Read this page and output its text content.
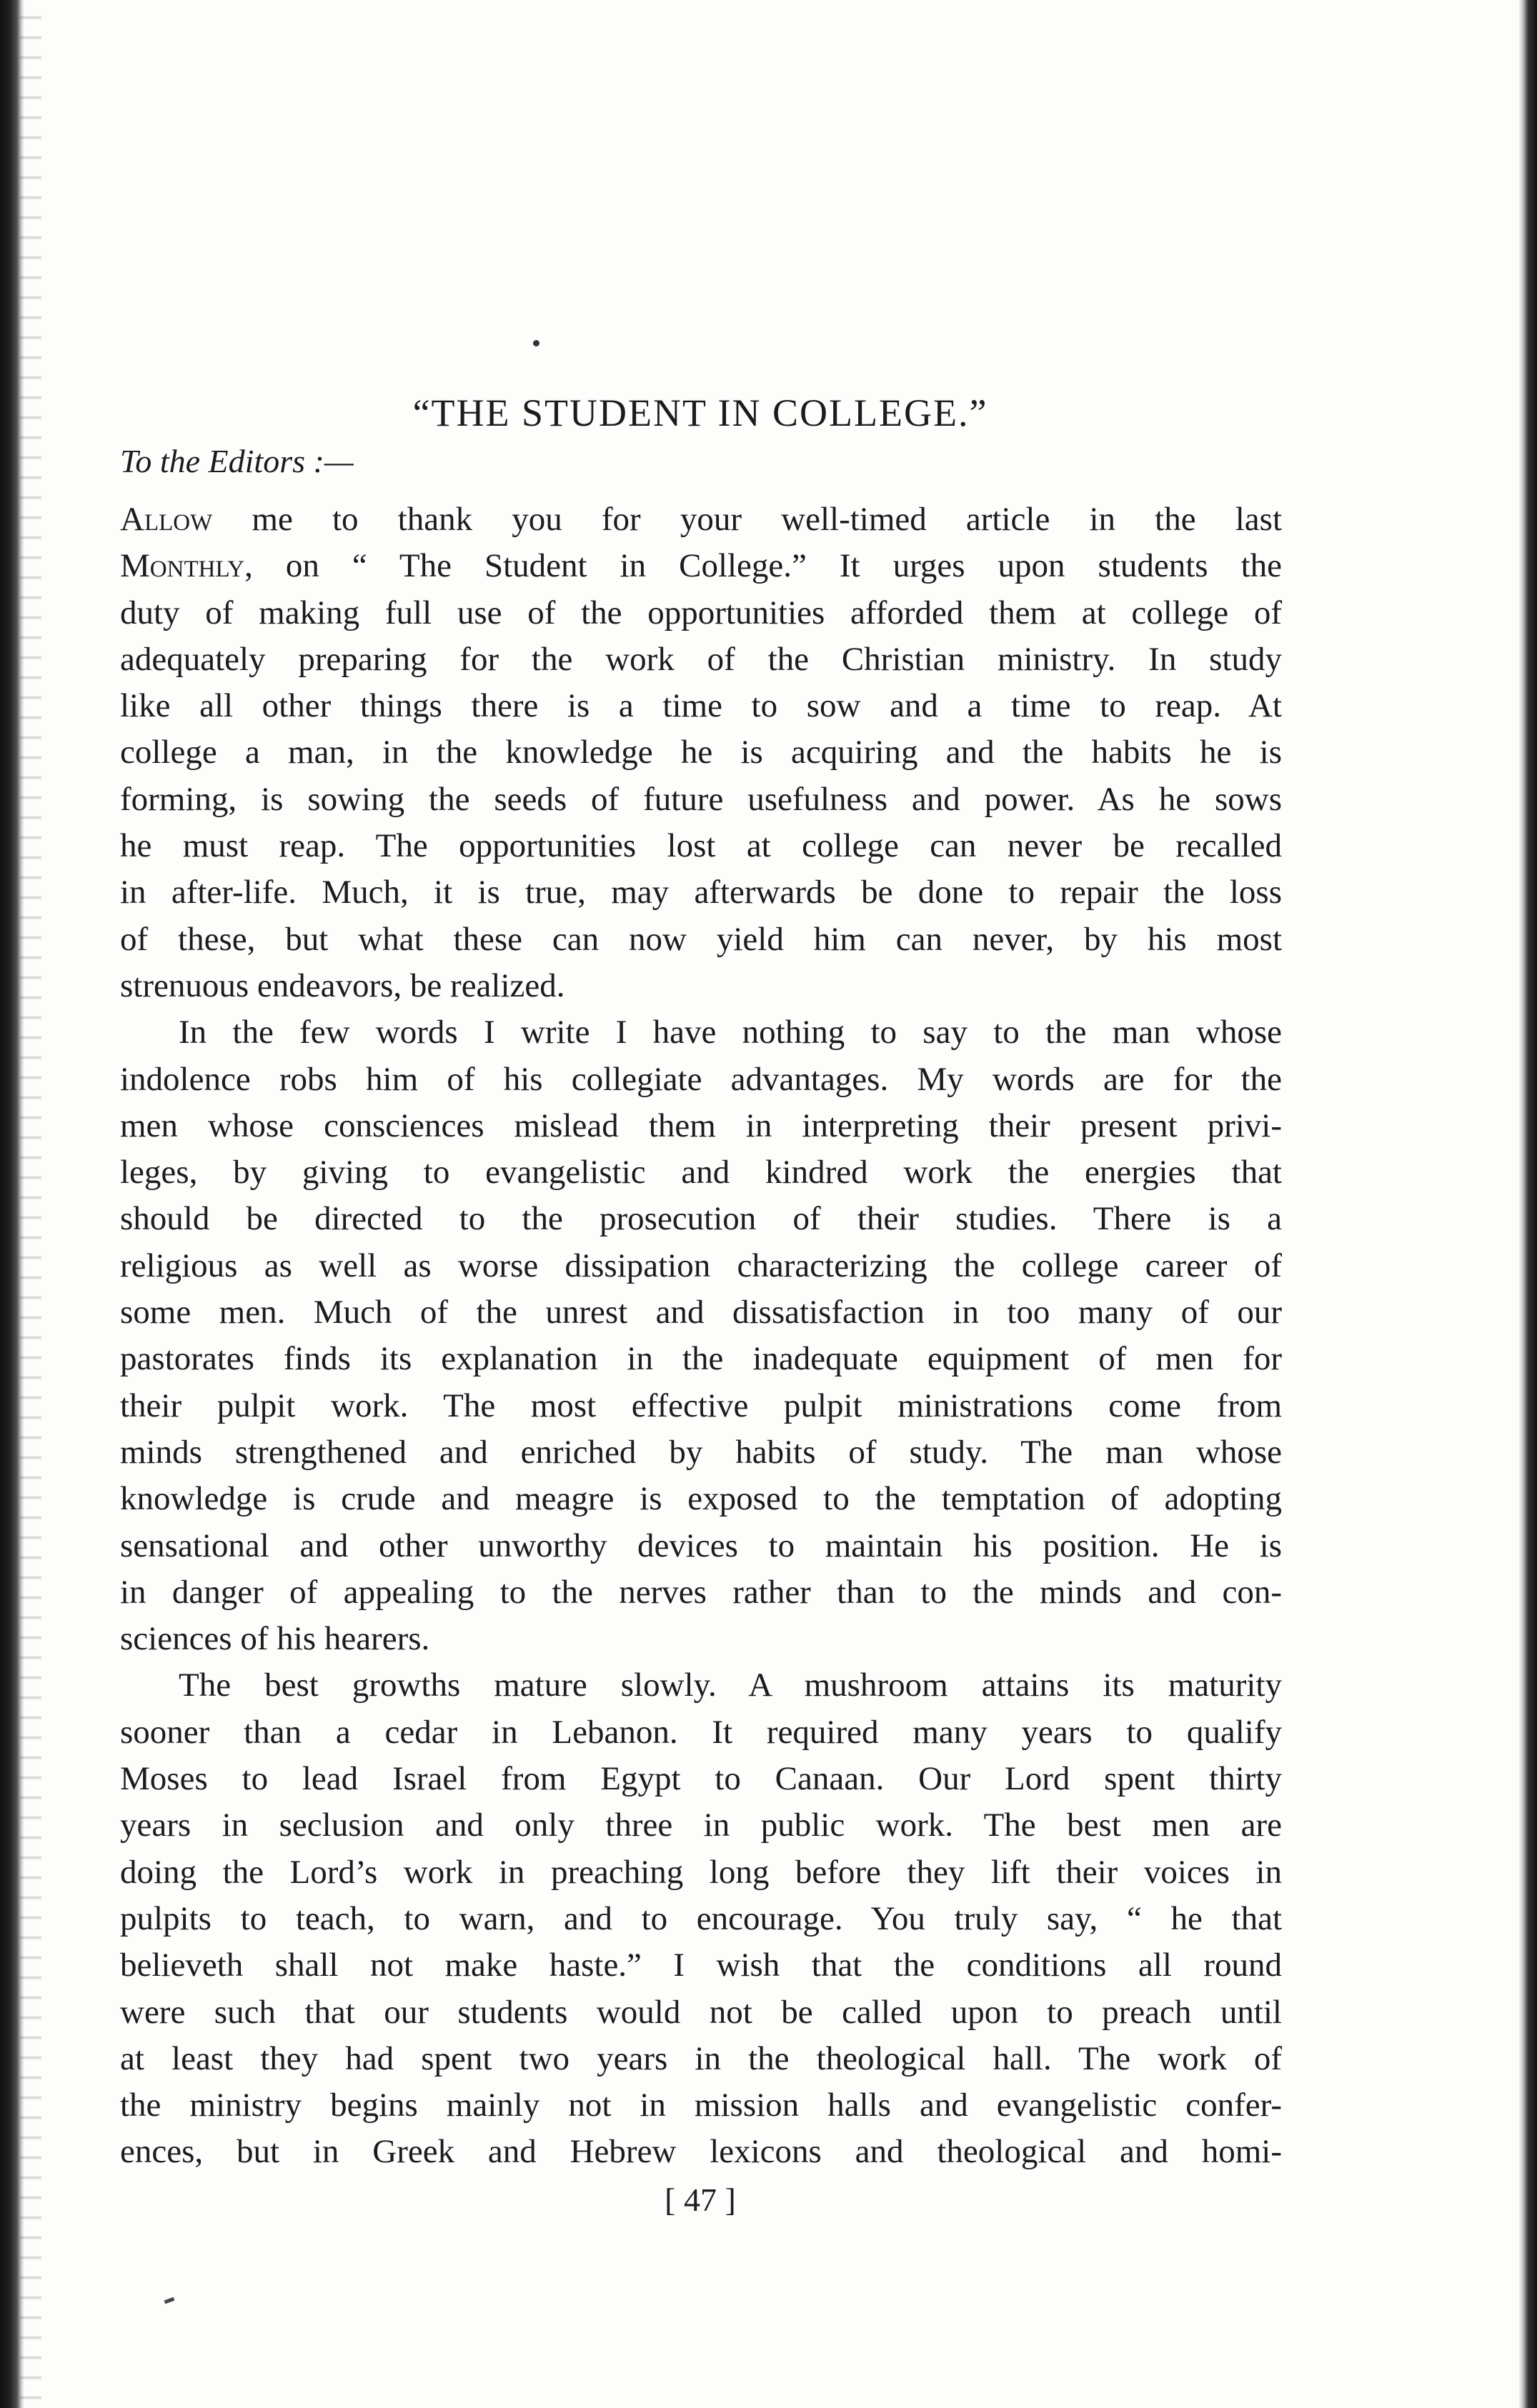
“THE STUDENT IN COLLEGE.”
To the Editors :—

Allow me to thank you for your well-timed article in the last
Monthly, on “ The Student in College.” It urges upon students the
duty of making full use of the opportunities afforded them at college of
adequately preparing for the work of the Christian ministry. In study
like all other things there is a time to sow and a time to reap. At
college a man, in the knowledge he is acquiring and the habits he is
forming, is sowing the seeds of future usefulness and power. As he sows
he must reap. The opportunities lost at college can never be recalled
in after-life. Much, it is true, may afterwards be done to repair the loss
of these, but what these can now yield him can never, by his most
strenuous endeavors, be realized.

In the few words I write I have nothing to say to the man whose
indolence robs him of his collegiate advantages. My words are for the
men whose consciences mislead them in interpreting their present privi-
leges, by giving to evangelistic and kindred work the energies that
should be directed to the prosecution of their studies. There is a
religious as well as worse dissipation characterizing the college career of
some men. Much of the unrest and dissatisfaction in too many of our
pastorates finds its explanation in the inadequate equipment of men for
their pulpit work. The most effective pulpit ministrations come from
minds strengthened and enriched by habits of study. The man whose
knowledge is crude and meagre is exposed to the temptation of adopting
sensational and other unworthy devices to maintain his position. He is
in danger of appealing to the nerves rather than to the minds and con-
sciences of his hearers.

The best growths mature slowly. A mushroom attains its maturity
sooner than a cedar in Lebanon. It required many years to qualify
Moses to lead Israel from Egypt to Canaan. Our Lord spent thirty
years in seclusion and only three in public work. The best men are
doing the Lord’s work in preaching long before they lift their voices in
pulpits to teach, to warn, and to encourage. You truly say, “ he that
believeth shall not make haste.” I wish that the conditions all round
were such that our students would not be called upon to preach until
at least they had spent two years in the theological hall. The work of
the ministry begins mainly not in mission halls and evangelistic confer-
ences, but in Greek and Hebrew lexicons and theological and homi-

[ 47 ]
